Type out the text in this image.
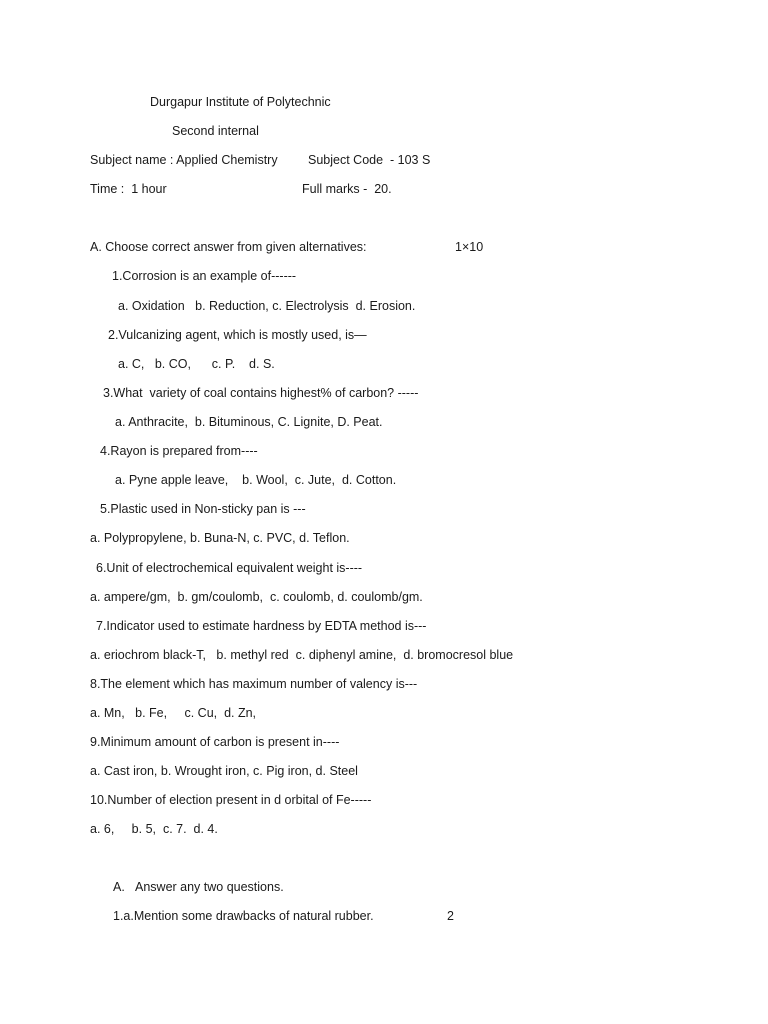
Durgapur Institute of Polytechnic
Second internal
Subject name : Applied Chemistry Subject Code  - 103 S
Time :  1 hour	Full marks -  20.
A. Choose correct answer from given alternatives:	1×10
1.Corrosion is an example of------
a. Oxidation   b. Reduction, c. Electrolysis  d. Erosion.
2.Vulcanizing agent, which is mostly used, is—
a. C,   b. CO,      c. P.    d. S.
3.What  variety of coal contains highest% of carbon? -----
a. Anthracite,  b. Bituminous, C. Lignite, D. Peat.
4.Rayon is prepared from----
a. Pyne apple leave,    b. Wool,  c. Jute,  d. Cotton.
5.Plastic used in Non-sticky pan is ---
a. Polypropylene, b. Buna-N, c. PVC, d. Teflon.
6.Unit of electrochemical equivalent weight is----
a. ampere/gm,  b. gm/coulomb,  c. coulomb, d. coulomb/gm.
7.Indicator used to estimate hardness by EDTA method is---
a. eriochrom black-T,   b. methyl red  c. diphenyl amine,  d. bromocresol blue
8.The element which has maximum number of valency is---
a. Mn,   b. Fe,     c. Cu,  d. Zn,
9.Minimum amount of carbon is present in----
a. Cast iron, b. Wrought iron, c. Pig iron, d. Steel
10.Number of election present in d orbital of Fe-----
a. 6,     b. 5,  c. 7.  d. 4.
A. Answer any two questions.
1.a.Mention some drawbacks of natural rubber.	2
